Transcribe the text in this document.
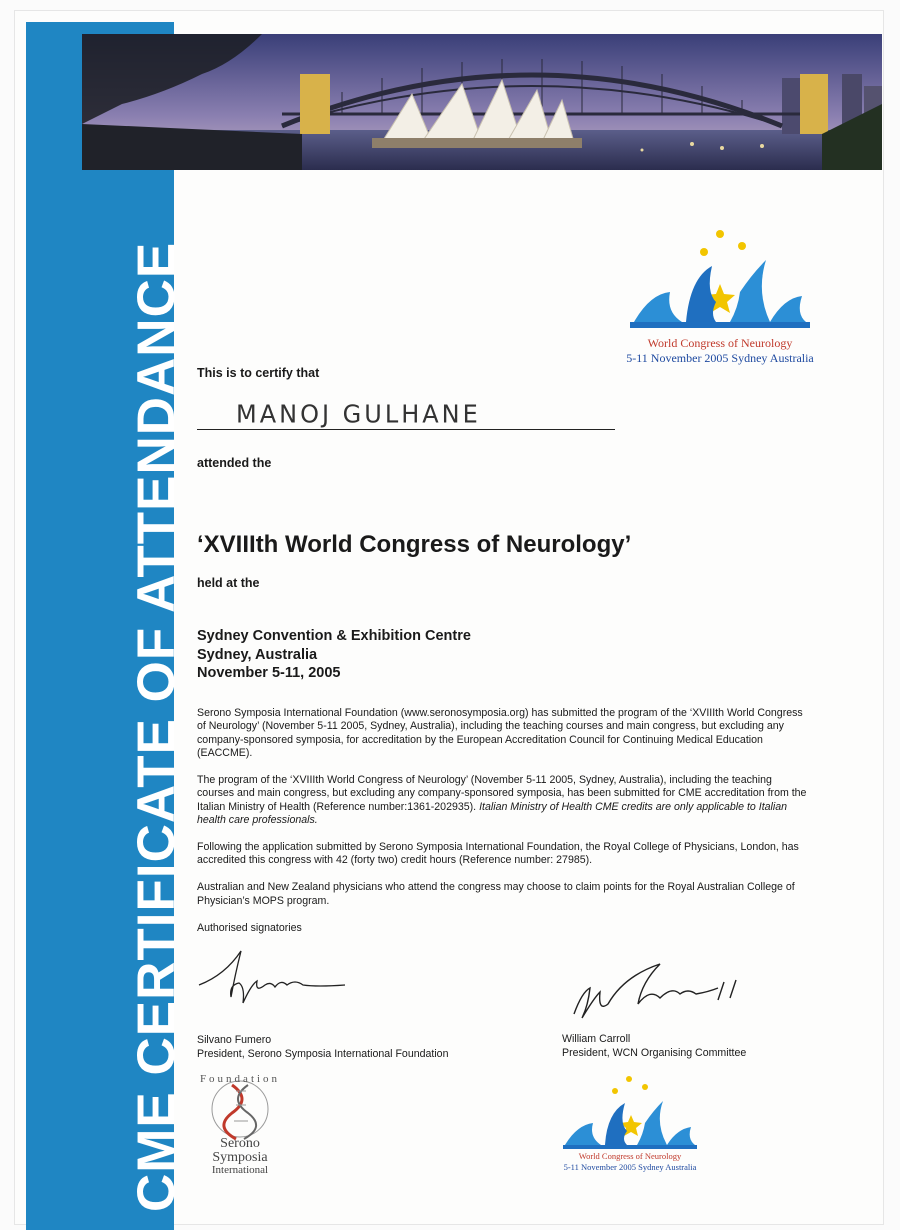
CME CERTIFICATE OF ATTENDANCE	World Congress of Neurology
5-11 November 2005 Sydney Australia
This is to certify that
MANOJ GULHANE
attended the
‘XVIIIth World Congress of Neurology’
held at the
Sydney Convention & Exhibition Centre
Sydney, Australia
November 5-11, 2005

Serono Symposia International Foundation (www.seronosymposia.org) has submitted the program of the ‘XVIIIth World Congress of Neurology’ (November 5-11 2005, Sydney, Australia), including the teaching courses and main congress, but excluding any company-sponsored symposia, for accreditation by the European Accreditation Council for Continuing Medical Education (EACCME).

The program of the ‘XVIIIth World Congress of Neurology’ (November 5-11 2005, Sydney, Australia), including the teaching courses and main congress, but excluding any company-sponsored symposia, has been submitted for CME accreditation from the Italian Ministry of Health (Reference number:1361-202935). Italian Ministry of Health CME credits are only applicable to Italian health care professionals.

Following the application submitted by Serono Symposia International Foundation, the Royal College of Physicians, London, has accredited this congress with 42 (forty two) credit hours (Reference number: 27985).

Australian and New Zealand physicians who attend the congress may choose to claim points for the Royal Australian College of Physician’s MOPS program.

Authorised signatories
Silvano Fumero
President, Serono Symposia International Foundation
William Carroll
President, WCN Organising Committee
Foundation
Serono
Symposia
International
World Congress of Neurology
5-11 November 2005 Sydney Australia
